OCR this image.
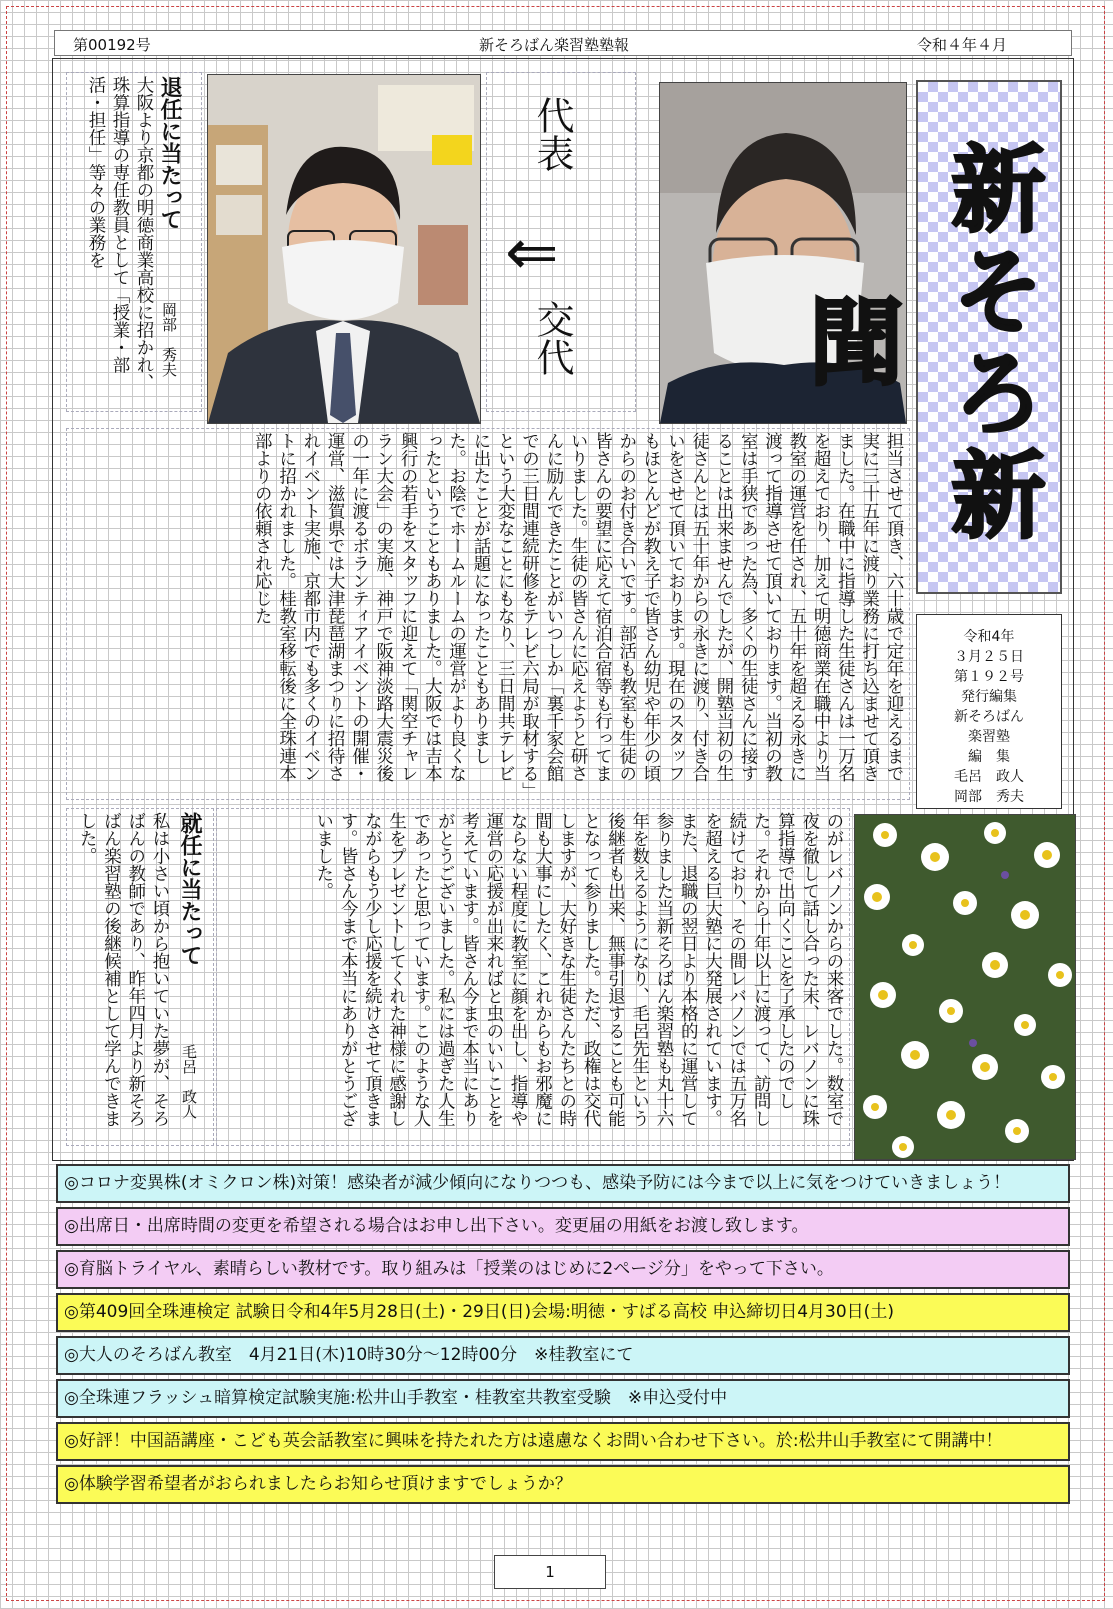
第00192号	新そろばん楽習塾塾報	令和４年４月
退任に当たって
岡部　秀夫
大阪より京都の明徳商業高校に招かれ、珠算指導の専任教員として「授業・部活・担任」等々の業務を	代表
⇐
交代	新そろ新聞
令和4年
３月２５日
第１９２号
発行編集
新そろばん
楽習塾
編　集
毛呂　政人
岡部　秀夫
担当させて頂き、六十歳で定年を迎えるまで実に三十五年に渡り業務に打ち込ませて頂きました。在職中に指導した生徒さんは一万名を超えており、加えて明徳商業在職中より当教室の運営を任され、五十年を超える永きに渡って指導させて頂いております。当初の教室は手狭であった為、多くの生徒さんに接することは出来ませんでしたが、開塾当初の生徒さんとは五十年からの永きに渡り、付き合いをさせて頂いております。現在のスタッフもほとんどが教え子で皆さん幼児や年少の頃からのお付き合いです。部活も教室も生徒の皆さんの要望に応えて宿泊合宿等も行ってまいりました。生徒の皆さんに応えようと研さんに励んできたことがいつしか「裏千家会館での三日間連続研修をテレビ六局が取材する」という大変なことにもなり、三日間共テレビに出たことが話題になったこともありました。お陰でホームルームの運営がより良くなったということもありました。大阪では吉本興行の若手をスタッフに迎えて「関空チャレラン大会」の実施、神戸で阪神淡路大震災後の一年に渡るボランティアイベントの開催・運営、滋賀県では大津琵琶湖まつりに招待されイベント実施、京都市内でも多くのイベントに招かれました。桂教室移転後に全珠連本部よりの依頼され応じた
のがレバノンからの来客でした。数室で夜を徹して話し合った末、レバノンに珠算指導で出向くことを了承したのでした。それから十年以上に渡って、訪問し続けており、その間レバノンでは五万名を超える巨大塾に大発展されています。また、退職の翌日より本格的に運営して参りました当新そろばん楽習塾も丸十六年を数えるようになり、毛呂先生という後継者も出来、無事引退することも可能となって参りました。ただ、政権は交代しますが、大好きな生徒さんたちとの時間も大事にしたく、これからもお邪魔にならない程度に教室に顔を出し、指導や運営の応援が出来ればと虫のいいことを考えています。皆さん今まで本当にありがとうございました。私には過ぎた人生であったと思っています。このような人生をプレゼントしてくれた神様に感謝しながらもう少し応援を続けさせて頂きます。皆さん今まで本当にありがとうございました。
就任に当たって
毛呂　政人
私は小さい頃から抱いていた夢が、そろばんの教師であり、昨年四月より新そろばん楽習塾の後継候補として学んできました。
◎コロナ変異株(オミクロン株)対策！感染者が減少傾向になりつつも、感染予防には今まで以上に気をつけていきましょう！
◎出席日・出席時間の変更を希望される場合はお申し出下さい。変更届の用紙をお渡し致します。
◎育脳トライヤル、素晴らしい教材です。取り組みは「授業のはじめに2ページ分」をやって下さい。
◎第409回全珠連検定 試験日令和4年5月28日(土)・29日(日)会場:明徳・すばる高校 申込締切日4月30日(土)
◎大人のそろばん教室　4月21日(木)10時30分～12時00分　※桂教室にて
◎全珠連フラッシュ暗算検定試験実施:松井山手教室・桂教室共教室受験　※申込受付中
◎好評！中国語講座・こども英会話教室に興味を持たれた方は遠慮なくお問い合わせ下さい。於:松井山手教室にて開講中！
◎体験学習希望者がおられましたらお知らせ頂けますでしょうか？
1
